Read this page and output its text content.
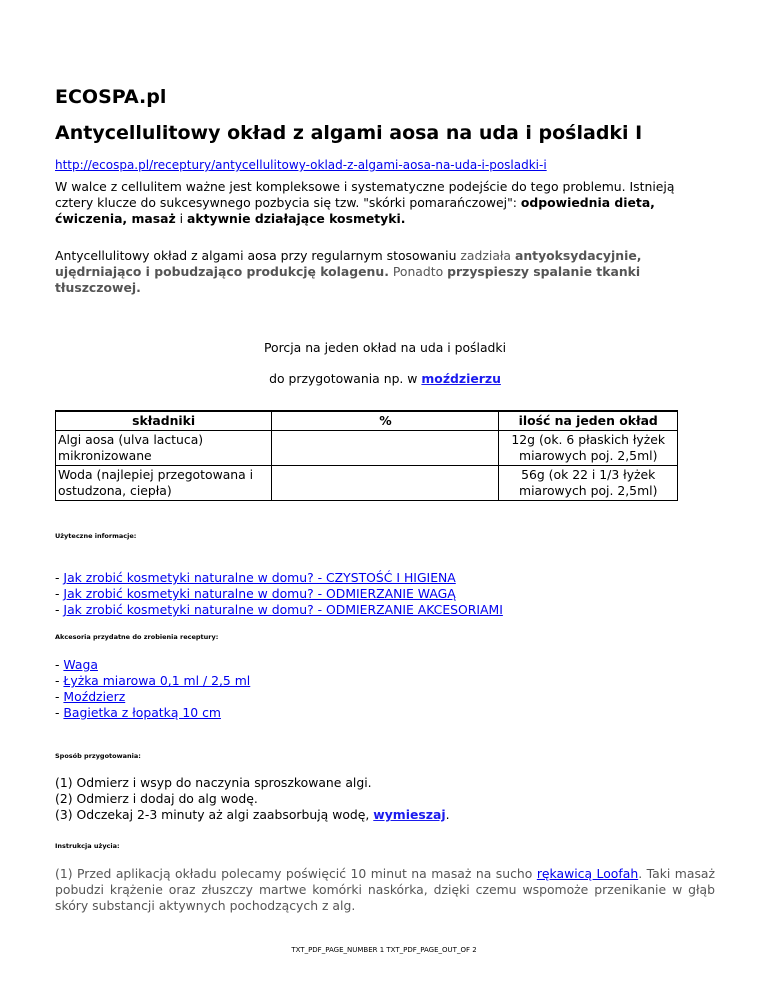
ECOSPA.pl
Antycellulitowy okład z algami aosa na uda i pośladki I
http://ecospa.pl/receptury/antycellulitowy-oklad-z-algami-aosa-na-uda-i-posladki-i
W walce z cellulitem ważne jest kompleksowe i systematyczne podejście do tego problemu. Istnieją cztery klucze do sukcesywnego pozbycia się tzw. "skórki pomarańczowej": odpowiednia dieta, ćwiczenia, masaż i aktywnie działające kosmetyki.
Antycellulitowy okład z algami aosa przy regularnym stosowaniu zadziała antyoksydacyjnie, ujędrniająco i pobudzająco produkcję kolagenu. Ponadto przyspieszy spalanie tkanki tłuszczowej.
Porcja na jeden okład na uda i pośladki
do przygotowania np. w moździerzu
składniki	%	ilość na jeden okład
Algi aosa (ulva lactuca) mikronizowane		12g (ok. 6 płaskich łyżek miarowych poj. 2,5ml)
Woda (najlepiej przegotowana i ostudzona, ciepła)		56g (ok 22 i 1/3 łyżek miarowych poj. 2,5ml)
Użyteczne informacje:
- Jak zrobić kosmetyki naturalne w domu? - CZYSTOŚĆ I HIGIENA
- Jak zrobić kosmetyki naturalne w domu? - ODMIERZANIE WAGĄ
- Jak zrobić kosmetyki naturalne w domu? - ODMIERZANIE AKCESORIAMI
Akcesoria przydatne do zrobienia receptury:
- Waga
- Łyżka miarowa 0,1 ml / 2,5 ml
- Moździerz
- Bagietka z łopatką 10 cm
Sposób przygotowania:
(1) Odmierz i wsyp do naczynia sproszkowane algi.
(2) Odmierz i dodaj do alg wodę.
(3) Odczekaj 2-3 minuty aż algi zaabsorbują wodę, wymieszaj.
Instrukcja użycia:
(1) Przed aplikacją okładu polecamy poświęcić 10 minut na masaż na sucho rękawicą Loofah. Taki masaż pobudzi krążenie oraz złuszczy martwe komórki naskórka, dzięki czemu wspomoże przenikanie w głąb skóry substancji aktywnych pochodzących z alg.
TXT_PDF_PAGE_NUMBER 1 TXT_PDF_PAGE_OUT_OF 2
